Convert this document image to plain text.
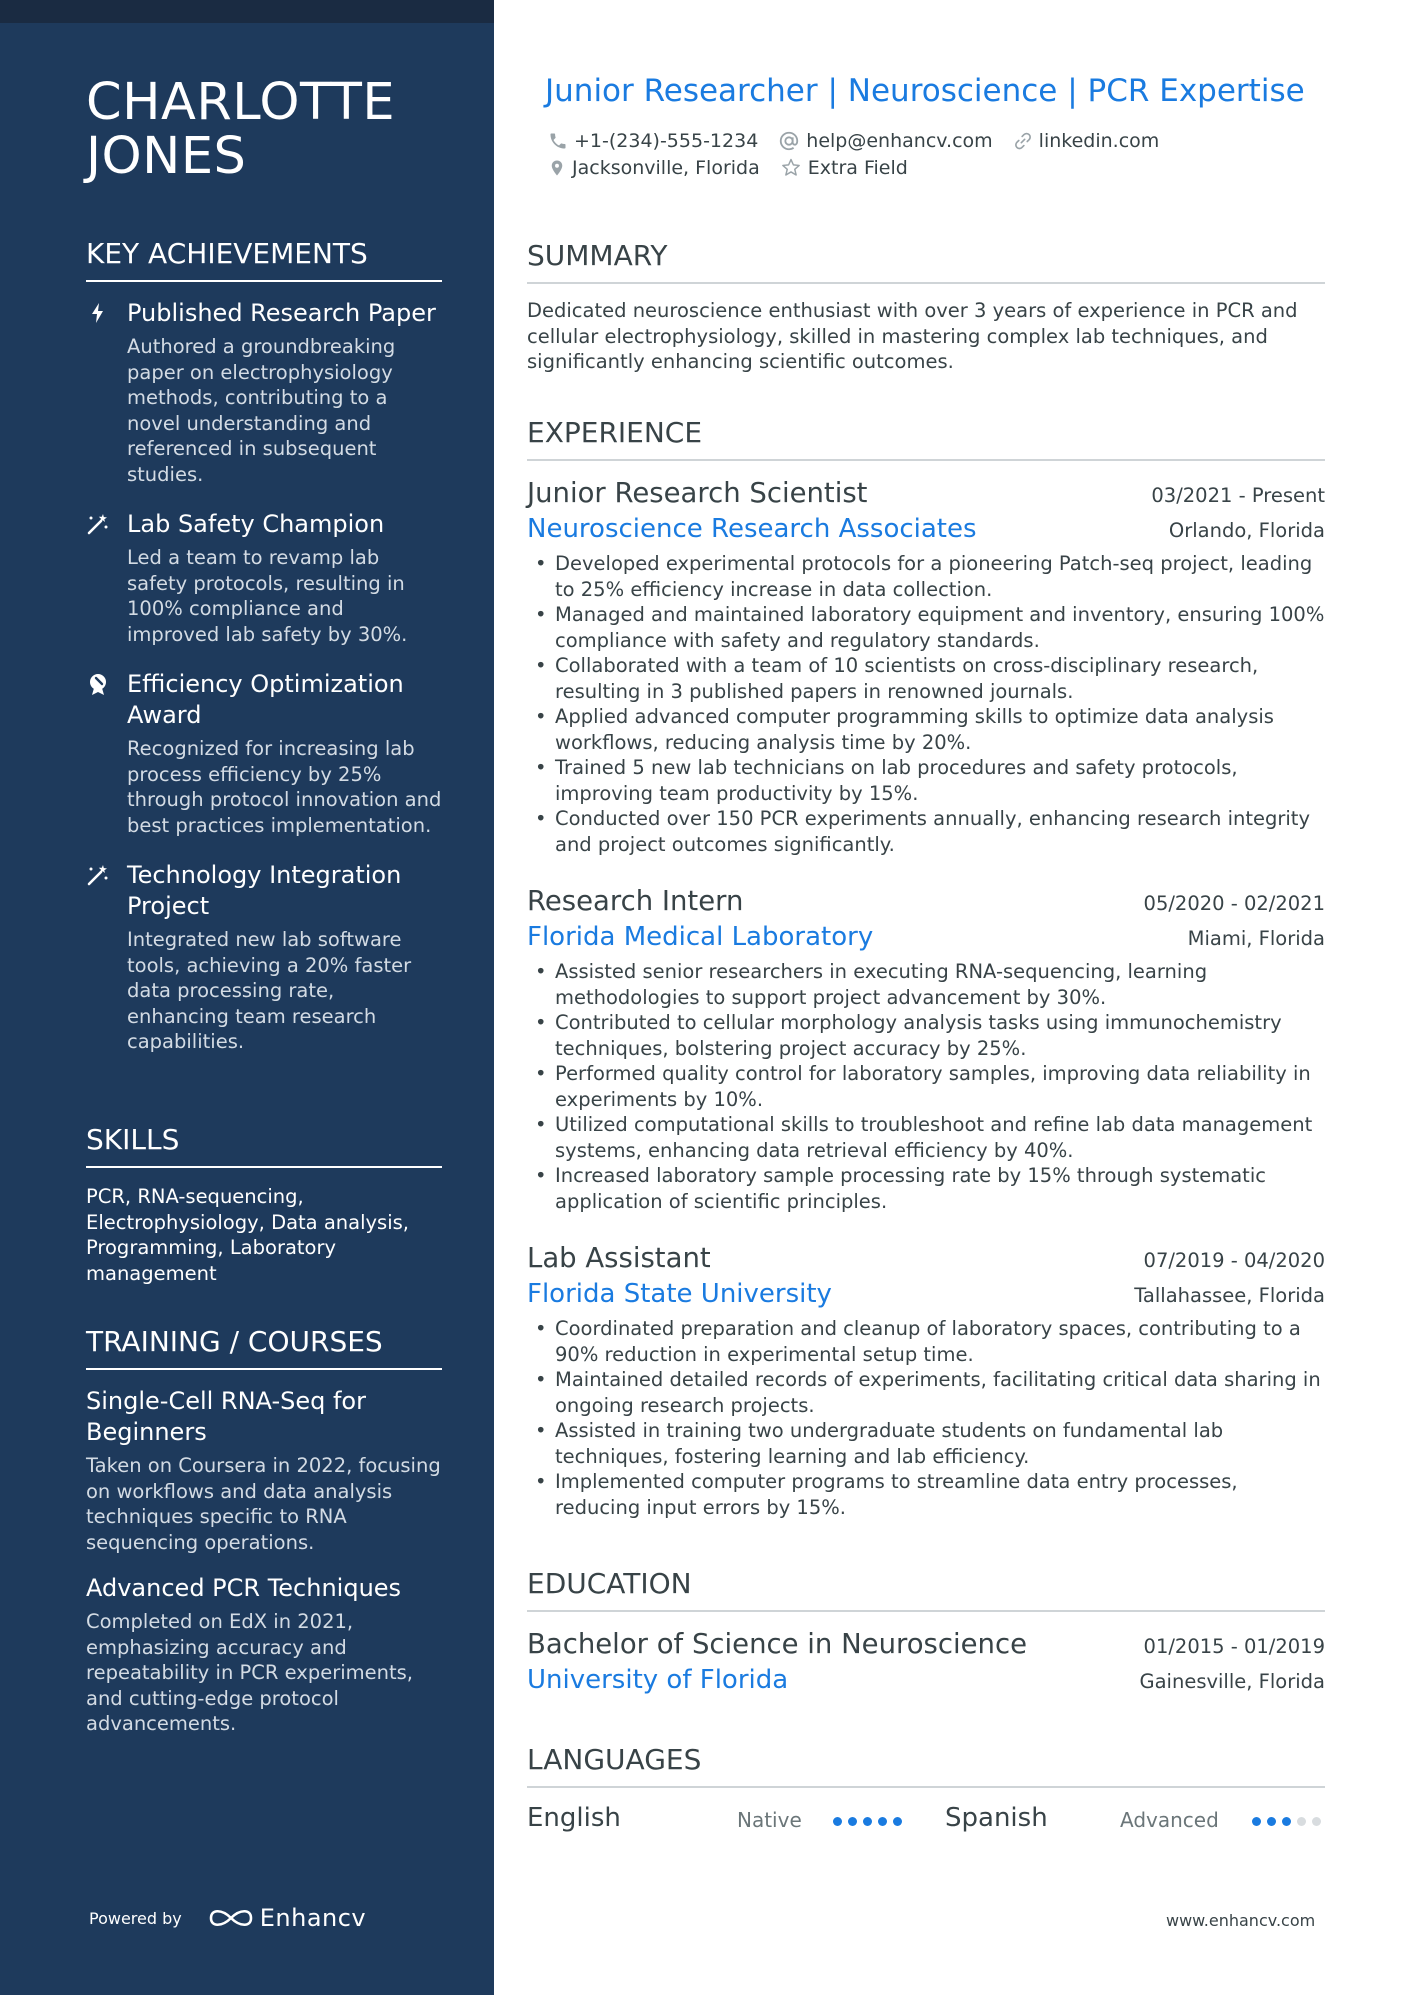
CHARLOTTE JONES
KEY ACHIEVEMENTS
Published Research Paper
Authored a groundbreaking paper on electrophysiology methods, contributing to a novel understanding and referenced in subsequent studies.
Lab Safety Champion
Led a team to revamp lab safety protocols, resulting in 100% compliance and improved lab safety by 30%.
Efficiency Optimization Award
Recognized for increasing lab process efficiency by 25% through protocol innovation and best practices implementation.
Technology Integration Project
Integrated new lab software tools, achieving a 20% faster data processing rate, enhancing team research capabilities.
SKILLS
PCR, RNA-sequencing, Electrophysiology, Data analysis, Programming, Laboratory management
TRAINING / COURSES
Single-Cell RNA-Seq for Beginners
Taken on Coursera in 2022, focusing on workflows and data analysis techniques specific to RNA sequencing operations.
Advanced PCR Techniques
Completed on EdX in 2021, emphasizing accuracy and repeatability in PCR experiments, and cutting-edge protocol advancements.
Powered by	Enhancv
Junior Researcher | Neuroscience | PCR Expertise
+1-(234)-555-1234	help@enhancv.com linkedin.com
Jacksonville, Florida	Extra Field
SUMMARY
Dedicated neuroscience enthusiast with over 3 years of experience in PCR and cellular electrophysiology, skilled in mastering complex lab techniques, and significantly enhancing scientific outcomes.
EXPERIENCE
Junior Research Scientist	03/2021 - Present
Neuroscience Research Associates	Orlando, Florida
• Developed experimental protocols for a pioneering Patch-seq project, leading to 25% efficiency increase in data collection.
• Managed and maintained laboratory equipment and inventory, ensuring 100% compliance with safety and regulatory standards.
• Collaborated with a team of 10 scientists on cross-disciplinary research, resulting in 3 published papers in renowned journals.
• Applied advanced computer programming skills to optimize data analysis workflows, reducing analysis time by 20%.
• Trained 5 new lab technicians on lab procedures and safety protocols, improving team productivity by 15%.
• Conducted over 150 PCR experiments annually, enhancing research integrity and project outcomes significantly.
Research Intern	05/2020 - 02/2021
Florida Medical Laboratory	Miami, Florida
• Assisted senior researchers in executing RNA-sequencing, learning methodologies to support project advancement by 30%.
• Contributed to cellular morphology analysis tasks using immunochemistry techniques, bolstering project accuracy by 25%.
• Performed quality control for laboratory samples, improving data reliability in experiments by 10%.
• Utilized computational skills to troubleshoot and refine lab data management systems, enhancing data retrieval efficiency by 40%.
• Increased laboratory sample processing rate by 15% through systematic application of scientific principles.
Lab Assistant	07/2019 - 04/2020
Florida State University	Tallahassee, Florida
• Coordinated preparation and cleanup of laboratory spaces, contributing to a 90% reduction in experimental setup time.
• Maintained detailed records of experiments, facilitating critical data sharing in ongoing research projects.
• Assisted in training two undergraduate students on fundamental lab techniques, fostering learning and lab efficiency.
• Implemented computer programs to streamline data entry processes, reducing input errors by 15%.
EDUCATION
Bachelor of Science in Neuroscience	01/2015 - 01/2019
University of Florida	Gainesville, Florida
LANGUAGES
English	Native	Spanish	Advanced
www.enhancv.com
